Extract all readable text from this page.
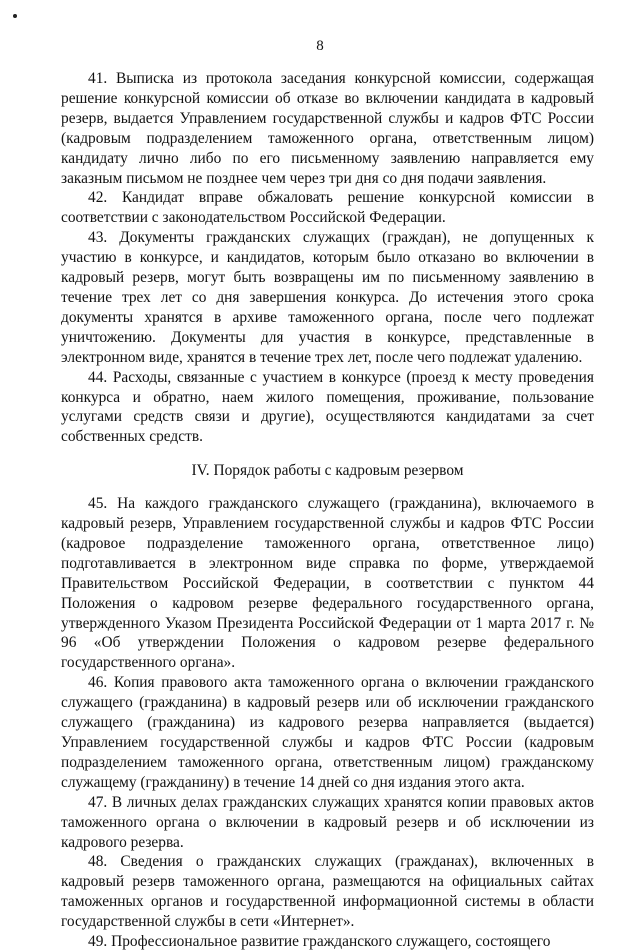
8

41. Выписка из протокола заседания конкурсной комиссии, содержащая решение конкурсной комиссии об отказе во включении кандидата в кадровый резерв, выдается Управлением государственной службы и кадров ФТС России (кадровым подразделением таможенного органа, ответственным лицом) кандидату лично либо по его письменному заявлению направляется ему заказным письмом не позднее чем через три дня со дня подачи заявления.

42. Кандидат вправе обжаловать решение конкурсной комиссии в соответствии с законодательством Российской Федерации.

43. Документы гражданских служащих (граждан), не допущенных к участию в конкурсе, и кандидатов, которым было отказано во включении в кадровый резерв, могут быть возвращены им по письменному заявлению в течение трех лет со дня завершения конкурса. До истечения этого срока документы хранятся в архиве таможенного органа, после чего подлежат уничтожению. Документы для участия в конкурсе, представленные в электронном виде, хранятся в течение трех лет, после чего подлежат удалению.

44. Расходы, связанные с участием в конкурсе (проезд к месту проведения конкурса и обратно, наем жилого помещения, проживание, пользование услугами средств связи и другие), осуществляются кандидатами за счет собственных средств.

IV. Порядок работы с кадровым резервом

45. На каждого гражданского служащего (гражданина), включаемого в кадровый резерв, Управлением государственной службы и кадров ФТС России (кадровое подразделение таможенного органа, ответственное лицо) подготавливается в электронном виде справка по форме, утверждаемой Правительством Российской Федерации, в соответствии с пунктом 44 Положения о кадровом резерве федерального государственного органа, утвержденного Указом Президента Российской Федерации от 1 марта 2017 г. № 96 «Об утверждении Положения о кадровом резерве федерального государственного органа».

46. Копия правового акта таможенного органа о включении гражданского служащего (гражданина) в кадровый резерв или об исключении гражданского служащего (гражданина) из кадрового резерва направляется (выдается) Управлением государственной службы и кадров ФТС России (кадровым подразделением таможенного органа, ответственным лицом) гражданскому служащему (гражданину) в течение 14 дней со дня издания этого акта.

47. В личных делах гражданских служащих хранятся копии правовых актов таможенного органа о включении в кадровый резерв и об исключении из кадрового резерва.

48. Сведения о гражданских служащих (гражданах), включенных в кадровый резерв таможенного органа, размещаются на официальных сайтах таможенных органов и государственной информационной системы в области государственной службы в сети «Интернет».

49. Профессиональное развитие гражданского служащего, состоящего
